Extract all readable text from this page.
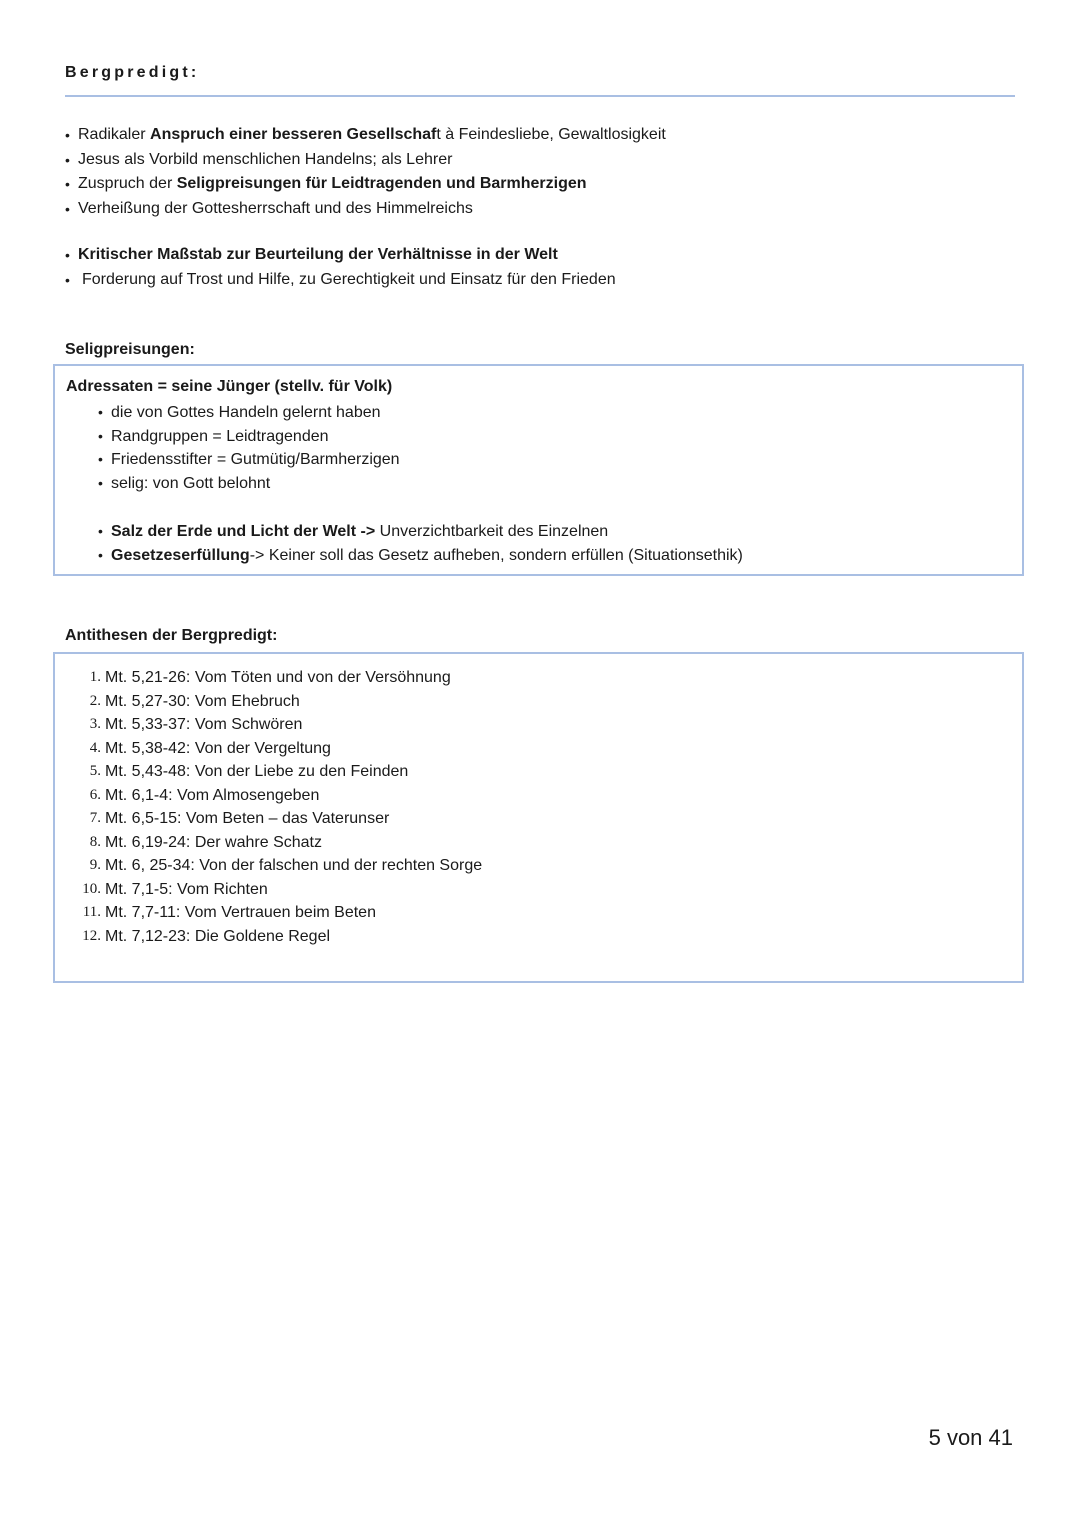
Bergpredigt:
• Radikaler Anspruch einer besseren Gesellschaft à Feindesliebe, Gewaltlosigkeit
• Jesus als Vorbild menschlichen Handelns; als Lehrer
• Zuspruch der Seligpreisungen für Leidtragenden und Barmherzigen
• Verheißung der Gottesherrschaft und des Himmelreichs
• Kritischer Maßstab zur Beurteilung der Verhältnisse in der Welt
• Forderung auf Trost und Hilfe, zu Gerechtigkeit und Einsatz für den Frieden
Seligpreisungen:
Adressaten = seine Jünger (stellv. für Volk)
• die von Gottes Handeln gelernt haben
• Randgruppen = Leidtragenden
• Friedensstifter = Gutmütig/Barmherzigen
• selig: von Gott belohnt
• Salz der Erde und Licht der Welt -> Unverzichtbarkeit des Einzelnen
• Gesetzeserfüllung-> Keiner soll das Gesetz aufheben, sondern erfüllen (Situationsethik)
Antithesen der Bergpredigt:
1. Mt. 5,21-26: Vom Töten und von der Versöhnung
2. Mt. 5,27-30: Vom Ehebruch
3. Mt. 5,33-37: Vom Schwören
4. Mt. 5,38-42: Von der Vergeltung
5. Mt. 5,43-48: Von der Liebe zu den Feinden
6. Mt. 6,1-4: Vom Almosengeben
7. Mt. 6,5-15: Vom Beten – das Vaterunser
8. Mt. 6,19-24: Der wahre Schatz
9. Mt. 6, 25-34: Von der falschen und der rechten Sorge
10. Mt. 7,1-5: Vom Richten
11. Mt. 7,7-11: Vom Vertrauen beim Beten
12. Mt. 7,12-23: Die Goldene Regel

5 von 41
